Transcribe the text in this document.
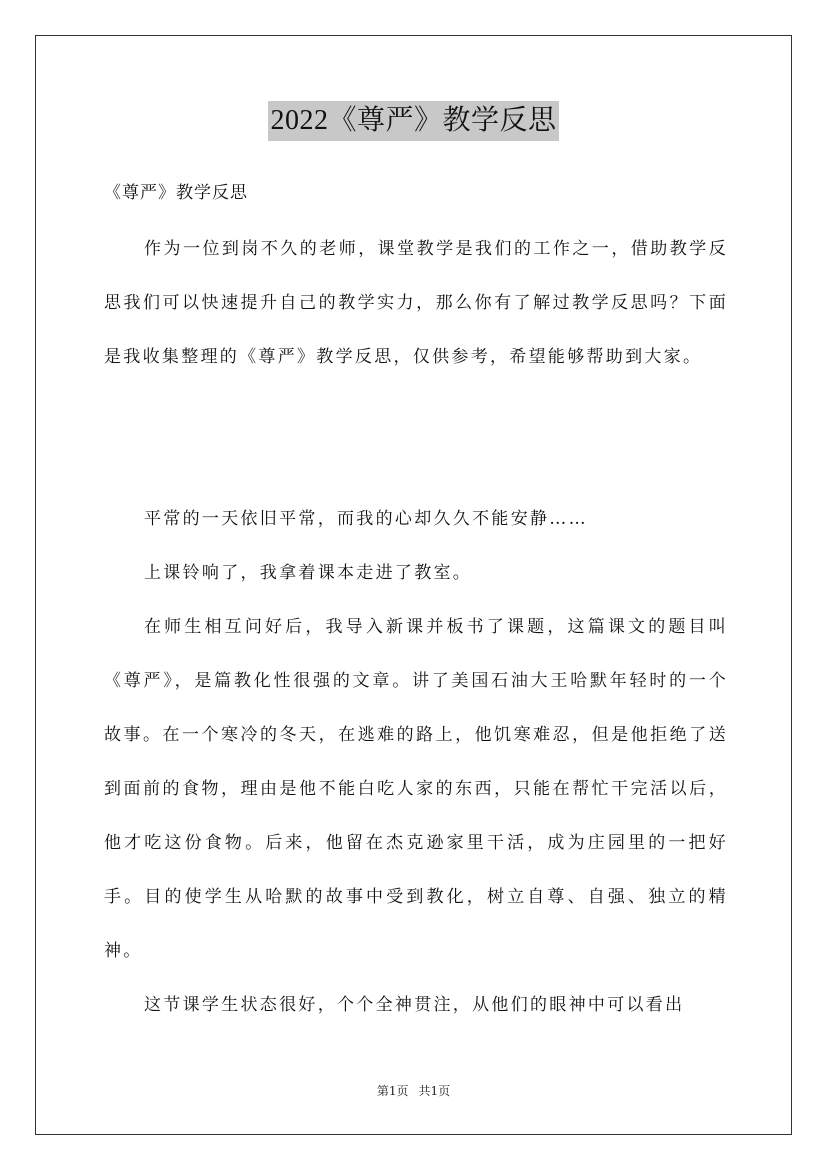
2022《尊严》教学反思
《尊严》教学反思

作为一位到岗不久的老师，课堂教学是我们的工作之一，借助教学反思我们可以快速提升自己的教学实力，那么你有了解过教学反思吗？下面是我收集整理的《尊严》教学反思，仅供参考，希望能够帮助到大家。

平常的一天依旧平常，而我的心却久久不能安静……

上课铃响了，我拿着课本走进了教室。

在师生相互问好后，我导入新课并板书了课题，这篇课文的题目叫《尊严》，是篇教化性很强的文章。讲了美国石油大王哈默年轻时的一个故事。在一个寒冷的冬天，在逃难的路上，他饥寒难忍，但是他拒绝了送到面前的食物，理由是他不能白吃人家的东西，只能在帮忙干完活以后，他才吃这份食物。后来，他留在杰克逊家里干活，成为庄园里的一把好手。目的使学生从哈默的故事中受到教化，树立自尊、自强、独立的精神。

这节课学生状态很好，个个全神贯注，从他们的眼神中可以看出

第1页 共1页
